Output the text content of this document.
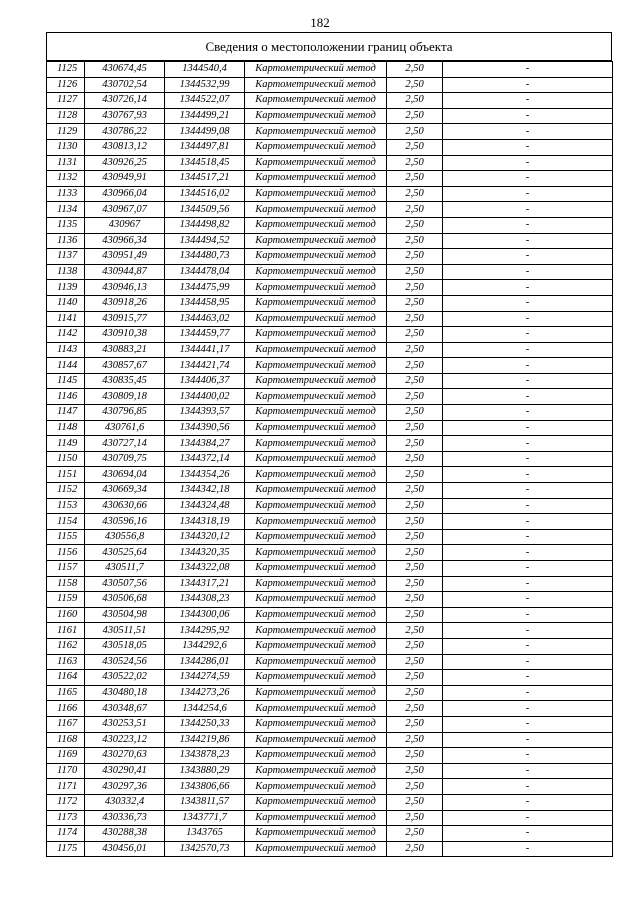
182
Сведения о местоположении границ объекта
1125	430674,45	1344540,4	Картометрический метод	2,50	-
1126	430702,54	1344532,99	Картометрический метод	2,50	-
1127	430726,14	1344522,07	Картометрический метод	2,50	-
1128	430767,93	1344499,21	Картометрический метод	2,50	-
1129	430786,22	1344499,08	Картометрический метод	2,50	-
1130	430813,12	1344497,81	Картометрический метод	2,50	-
1131	430926,25	1344518,45	Картометрический метод	2,50	-
1132	430949,91	1344517,21	Картометрический метод	2,50	-
1133	430966,04	1344516,02	Картометрический метод	2,50	-
1134	430967,07	1344509,56	Картометрический метод	2,50	-
1135	430967	1344498,82	Картометрический метод	2,50	-
1136	430966,34	1344494,52	Картометрический метод	2,50	-
1137	430951,49	1344480,73	Картометрический метод	2,50	-
1138	430944,87	1344478,04	Картометрический метод	2,50	-
1139	430946,13	1344475,99	Картометрический метод	2,50	-
1140	430918,26	1344458,95	Картометрический метод	2,50	-
1141	430915,77	1344463,02	Картометрический метод	2,50	-
1142	430910,38	1344459,77	Картометрический метод	2,50	-
1143	430883,21	1344441,17	Картометрический метод	2,50	-
1144	430857,67	1344421,74	Картометрический метод	2,50	-
1145	430835,45	1344406,37	Картометрический метод	2,50	-
1146	430809,18	1344400,02	Картометрический метод	2,50	-
1147	430796,85	1344393,57	Картометрический метод	2,50	-
1148	430761,6	1344390,56	Картометрический метод	2,50	-
1149	430727,14	1344384,27	Картометрический метод	2,50	-
1150	430709,75	1344372,14	Картометрический метод	2,50	-
1151	430694,04	1344354,26	Картометрический метод	2,50	-
1152	430669,34	1344342,18	Картометрический метод	2,50	-
1153	430630,66	1344324,48	Картометрический метод	2,50	-
1154	430596,16	1344318,19	Картометрический метод	2,50	-
1155	430556,8	1344320,12	Картометрический метод	2,50	-
1156	430525,64	1344320,35	Картометрический метод	2,50	-
1157	430511,7	1344322,08	Картометрический метод	2,50	-
1158	430507,56	1344317,21	Картометрический метод	2,50	-
1159	430506,68	1344308,23	Картометрический метод	2,50	-
1160	430504,98	1344300,06	Картометрический метод	2,50	-
1161	430511,51	1344295,92	Картометрический метод	2,50	-
1162	430518,05	1344292,6	Картометрический метод	2,50	-
1163	430524,56	1344286,01	Картометрический метод	2,50	-
1164	430522,02	1344274,59	Картометрический метод	2,50	-
1165	430480,18	1344273,26	Картометрический метод	2,50	-
1166	430348,67	1344254,6	Картометрический метод	2,50	-
1167	430253,51	1344250,33	Картометрический метод	2,50	-
1168	430223,12	1344219,86	Картометрический метод	2,50	-
1169	430270,63	1343878,23	Картометрический метод	2,50	-
1170	430290,41	1343880,29	Картометрический метод	2,50	-
1171	430297,36	1343806,66	Картометрический метод	2,50	-
1172	430332,4	1343811,57	Картометрический метод	2,50	-
1173	430336,73	1343771,7	Картометрический метод	2,50	-
1174	430288,38	1343765	Картометрический метод	2,50	-
1175	430456,01	1342570,73	Картометрический метод	2,50	-
